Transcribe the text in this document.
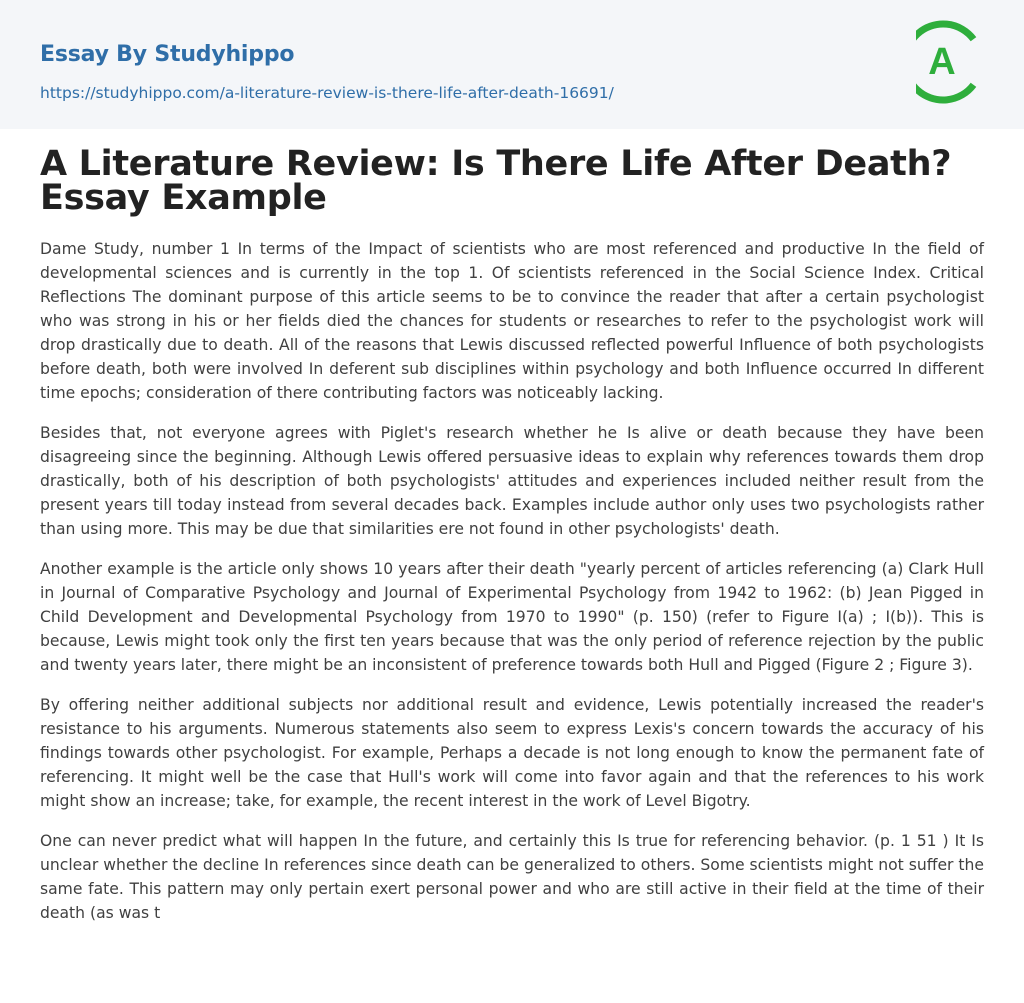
Essay By Studyhippo
https://studyhippo.com/a-literature-review-is-there-life-after-death-16691/
A
A Literature Review: Is There Life After Death?
Essay Example

Dame Study, number 1 In terms of the Impact of scientists who are most referenced and productive In the field of developmental sciences and is currently in the top 1. Of scientists referenced in the Social Science Index. Critical Reflections The dominant purpose of this article seems to be to convince the reader that after a certain psychologist who was strong in his or her fields died the chances for students or researches to refer to the psychologist work will drop drastically due to death. All of the reasons that Lewis discussed reflected powerful Influence of both psychologists before death, both were involved In deferent sub disciplines within psychology and both Influence occurred In different time epochs; consideration of there contributing factors was noticeably lacking.

Besides that, not everyone agrees with Piglet's research whether he Is alive or death because they have been disagreeing since the beginning. Although Lewis offered persuasive ideas to explain why references towards them drop drastically, both of his description of both psychologists' attitudes and experiences included neither result from the present years till today instead from several decades back. Examples include author only uses two psychologists rather than using more. This may be due that similarities ere not found in other psychologists' death.

Another example is the article only shows 10 years after their death "yearly percent of articles referencing (a) Clark Hull in Journal of Comparative Psychology and Journal of Experimental Psychology from 1942 to 1962: (b) Jean Pigged in Child Development and Developmental Psychology from 1970 to 1990" (p. 150) (refer to Figure I(a) ; I(b)). This is because, Lewis might took only the first ten years because that was the only period of reference rejection by the public and twenty years later, there might be an inconsistent of preference towards both Hull and Pigged (Figure 2 ; Figure 3).

By offering neither additional subjects nor additional result and evidence, Lewis potentially increased the reader's resistance to his arguments. Numerous statements also seem to express Lexis's concern towards the accuracy of his findings towards other psychologist. For example, Perhaps a decade is not long enough to know the permanent fate of referencing. It might well be the case that Hull's work will come into favor again and that the references to his work might show an increase; take, for example, the recent interest in the work of Level Bigotry.

One can never predict what will happen In the future, and certainly this Is true for referencing behavior. (p. 1 51 ) It Is unclear whether the decline In references since death can be generalized to others. Some scientists might not suffer the same fate. This pattern may only pertain exert personal power and who are still active in their field at the time of their death (as was t
